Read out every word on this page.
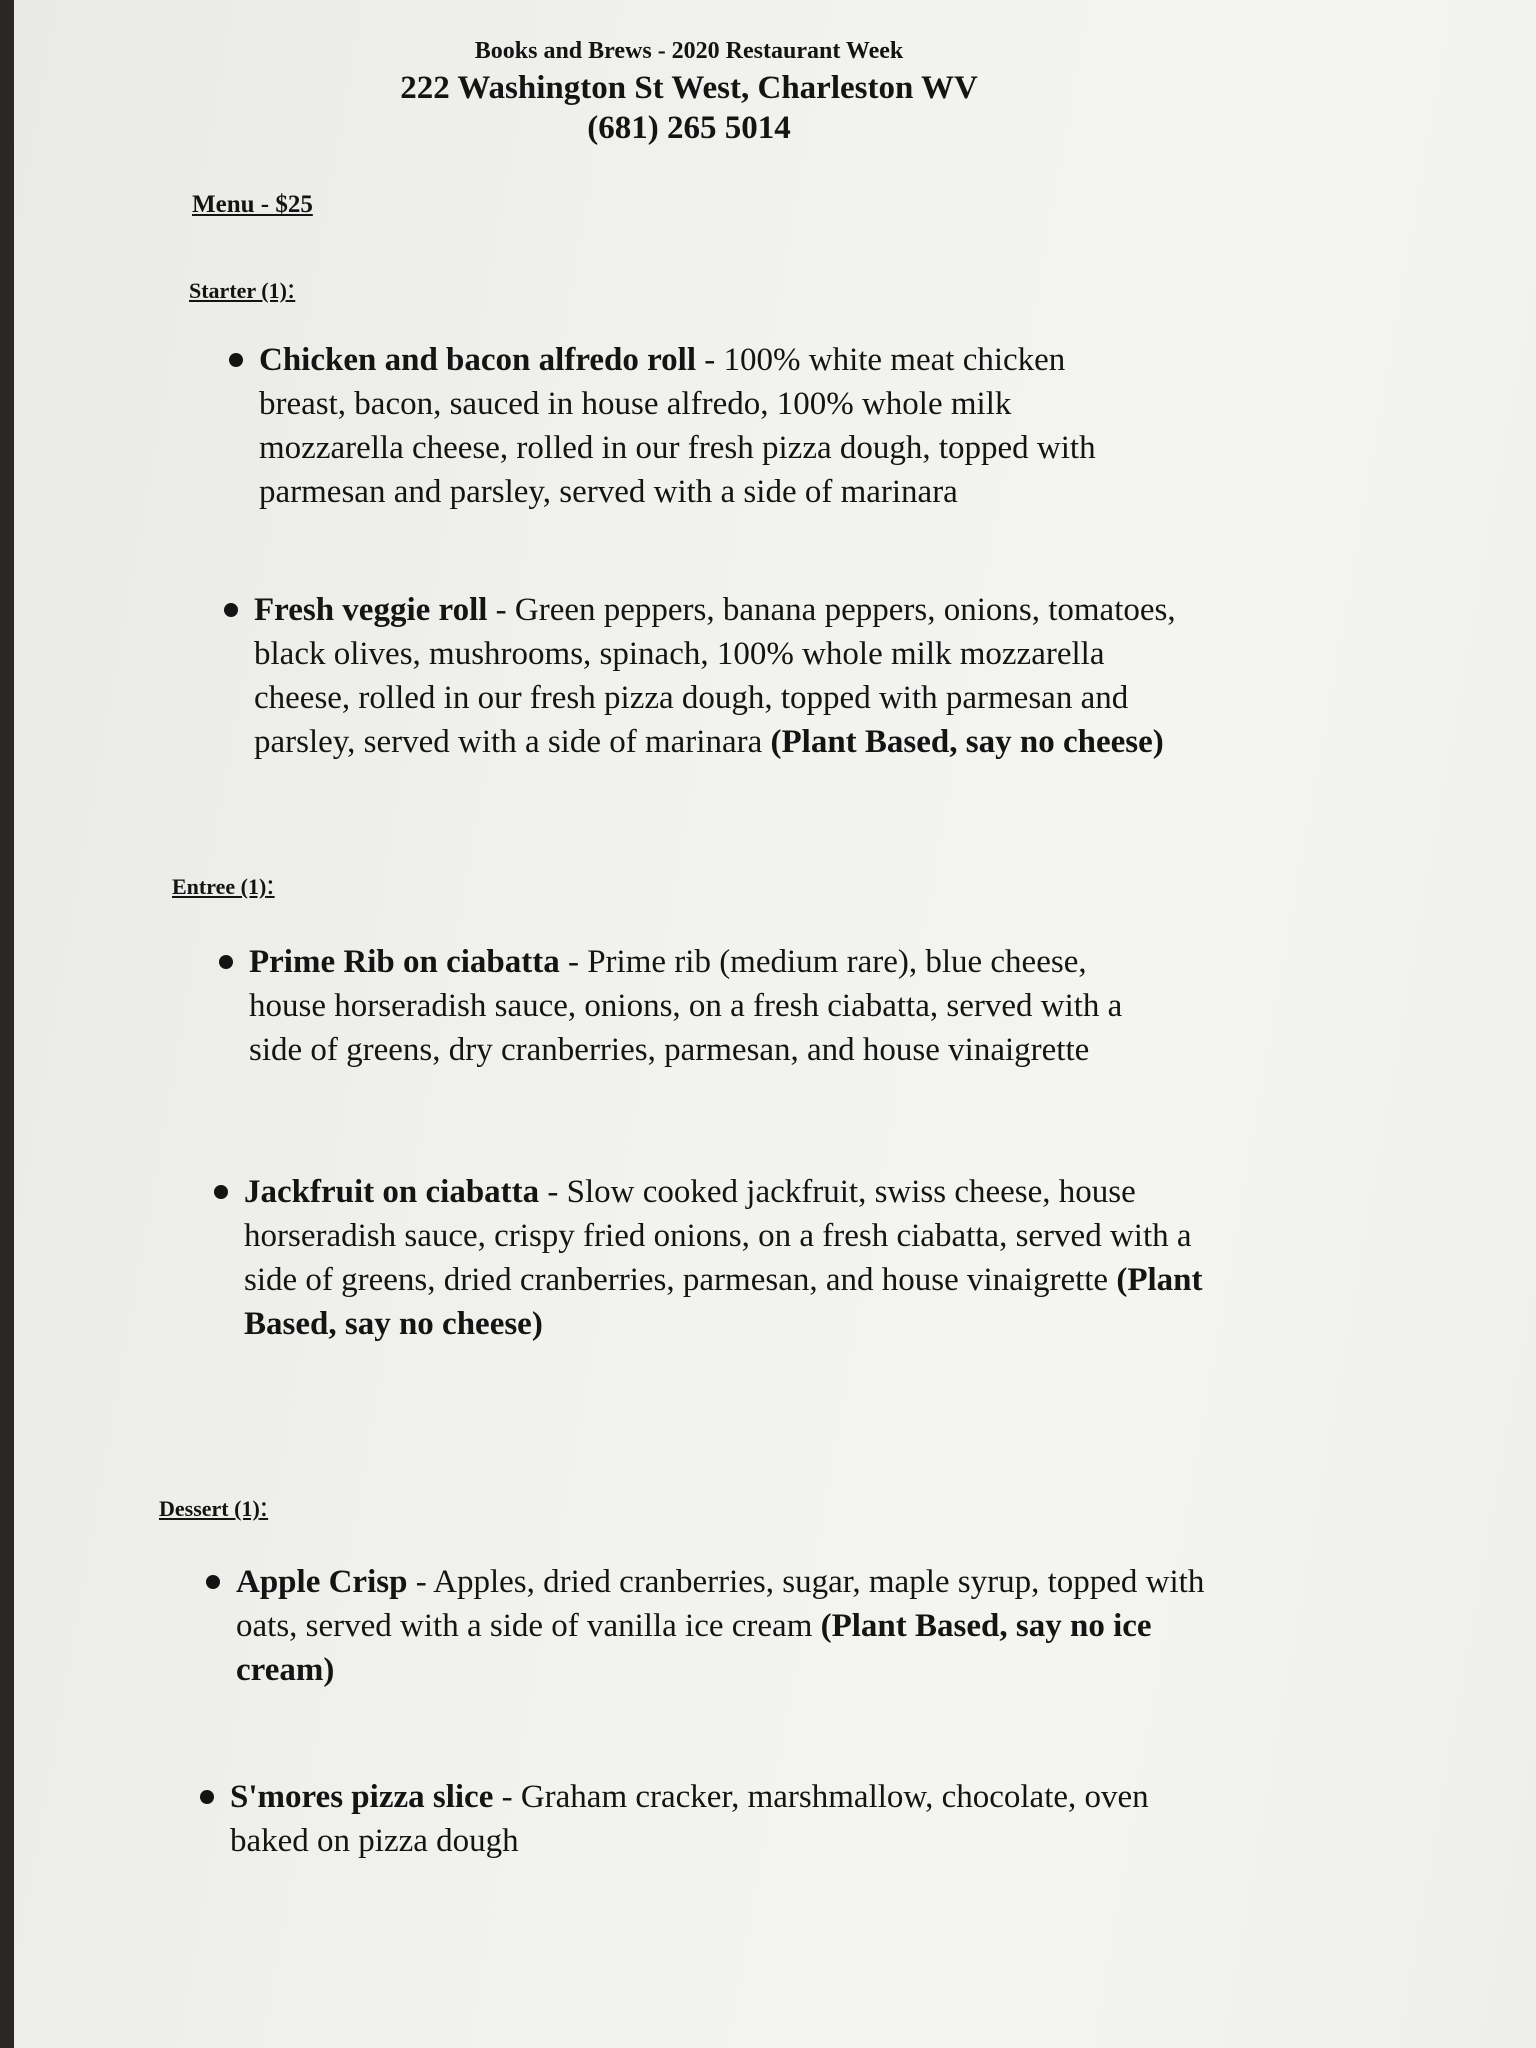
Books and Brews - 2020 Restaurant Week
222 Washington St West, Charleston WV
(681) 265 5014
Menu - $25
Starter (1):
Chicken and bacon alfredo roll - 100% white meat chicken breast, bacon, sauced in house alfredo, 100% whole milk mozzarella cheese, rolled in our fresh pizza dough, topped with parmesan and parsley, served with a side of marinara
Fresh veggie roll - Green peppers, banana peppers, onions, tomatoes, black olives, mushrooms, spinach, 100% whole milk mozzarella cheese, rolled in our fresh pizza dough, topped with parmesan and parsley, served with a side of marinara (Plant Based, say no cheese)
Entree (1):
Prime Rib on ciabatta - Prime rib (medium rare), blue cheese, house horseradish sauce, onions, on a fresh ciabatta, served with a side of greens, dry cranberries, parmesan, and house vinaigrette
Jackfruit on ciabatta - Slow cooked jackfruit, swiss cheese, house horseradish sauce, crispy fried onions, on a fresh ciabatta, served with a side of greens, dried cranberries, parmesan, and house vinaigrette (Plant Based, say no cheese)
Dessert (1):
Apple Crisp - Apples, dried cranberries, sugar, maple syrup, topped with oats, served with a side of vanilla ice cream (Plant Based, say no ice cream)
S'mores pizza slice - Graham cracker, marshmallow, chocolate, oven baked on pizza dough
